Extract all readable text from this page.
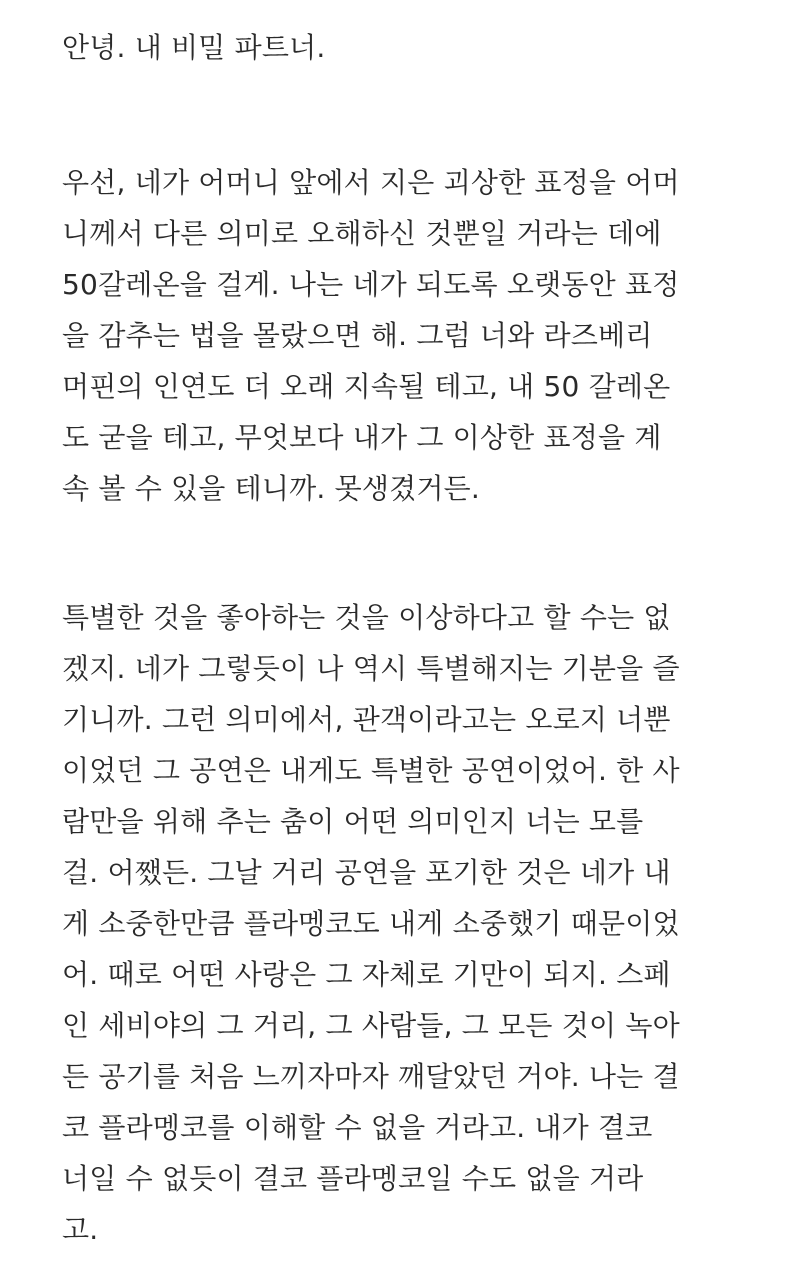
안녕. 내 비밀 파트너.

우선, 네가 어머니 앞에서 지은 괴상한 표정을 어머

니께서 다른 의미로 오해하신 것뿐일 거라는 데에

50갈레온을 걸게. 나는 네가 되도록 오랫동안 표정

을 감추는 법을 몰랐으면 해. 그럼 너와 라즈베리

머핀의 인연도 더 오래 지속될 테고, 내 50 갈레온

도 굳을 테고, 무엇보다 내가 그 이상한 표정을 계

속 볼 수 있을 테니까. 못생겼거든.

특별한 것을 좋아하는 것을 이상하다고 할 수는 없

겠지. 네가 그렇듯이 나 역시 특별해지는 기분을 즐

기니까. 그런 의미에서, 관객이라고는 오로지 너뿐

이었던 그 공연은 내게도 특별한 공연이었어. 한 사

람만을 위해 추는 춤이 어떤 의미인지 너는 모를

걸. 어쨌든. 그날 거리 공연을 포기한 것은 네가 내

게 소중한만큼 플라멩코도 내게 소중했기 때문이었

어. 때로 어떤 사랑은 그 자체로 기만이 되지. 스페

인 세비야의 그 거리, 그 사람들, 그 모든 것이 녹아

든 공기를 처음 느끼자마자 깨달았던 거야. 나는 결

코 플라멩코를 이해할 수 없을 거라고. 내가 결코

너일 수 없듯이 결코 플라멩코일 수도 없을 거라

고.
